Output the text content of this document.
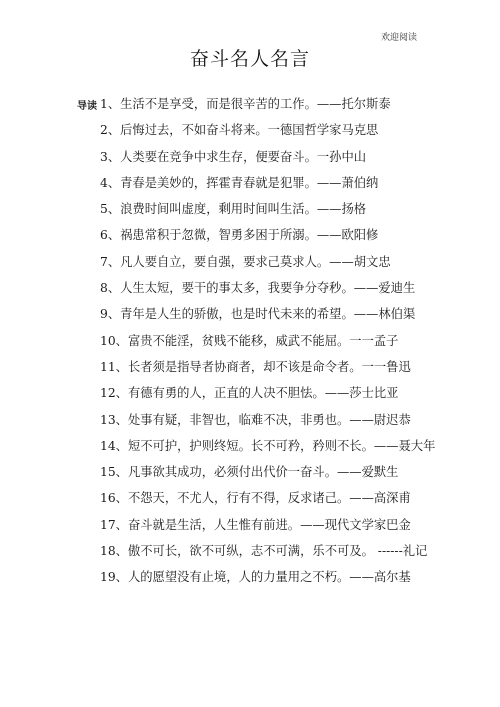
欢迎阅读
奋斗名人名言
导读 1、生活不是享受，而是很辛苦的工作。——托尔斯泰
2、后悔过去，不如奋斗将来。一德国哲学家马克思
3、人类要在竞争中求生存，便要奋斗。一孙中山
4、青春是美妙的，挥霍青春就是犯罪。——萧伯纳
5、浪费时间叫虚度，剩用时间叫生活。——扬格
6、祸患常积于忽微，智勇多困于所溺。——欧阳修
7、凡人要自立，要自强，要求己莫求人。——胡文忠
8、人生太短，要干的事太多，我要争分夺秒。——爱迪生
9、青年是人生的骄傲，也是时代未来的希望。——林伯渠
10、富贵不能淫，贫贱不能移，威武不能屈。一一孟子
11、长者须是指导者协商者，却不该是命令者。一一鲁迅
12、有德有勇的人，正直的人决不胆怯。——莎士比亚
13、处事有疑，非智也，临难不决，非勇也。——尉迟恭
14、短不可护，护则终短。长不可矜，矜则不长。——聂大年
15、凡事欲其成功，必须付出代价一奋斗。——爱默生
16、不怨天，不尤人，行有不得，反求诸己。——高深甫
17、奋斗就是生活，人生惟有前进。——现代文学家巴金
18、傲不可长，欲不可纵，志不可满，乐不可及。 ------礼记
19、人的愿望没有止境，人的力量用之不朽。——高尔基
